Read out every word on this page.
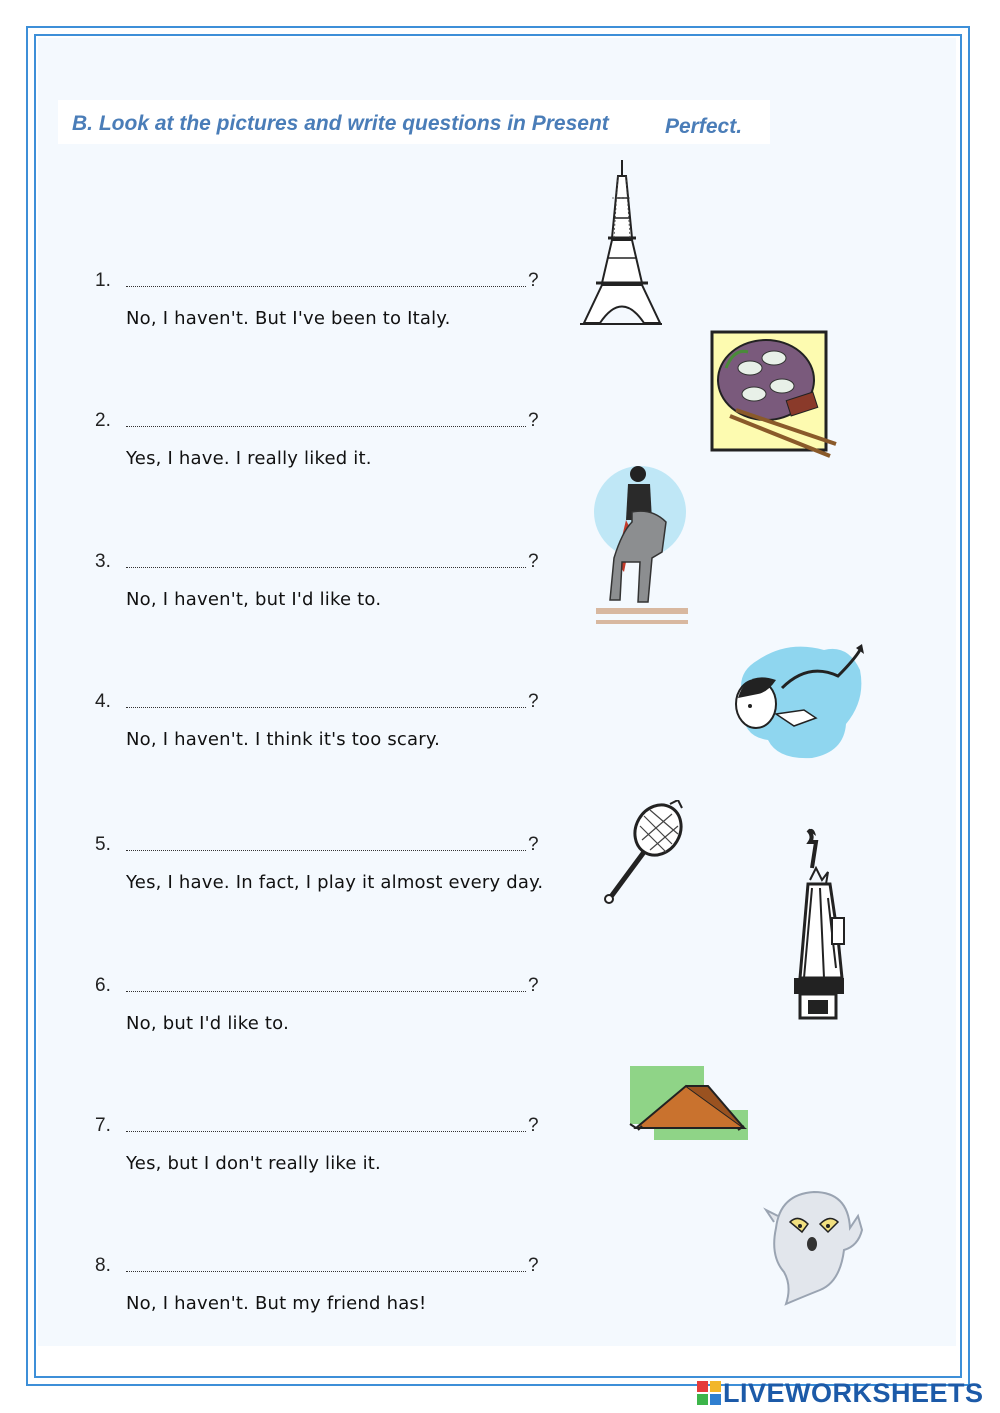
B. Look at the pictures and write questions in Present	Perfect.
1.	?
No, I haven't. But I've been to Italy.
2.	?
Yes, I have. I really liked it.
3.	?
No, I haven't, but I'd like to.
4.	?
No, I haven't. I think it's too scary.
5.	?
Yes, I have. In fact, I play it almost every day.
6.	?
No, but I'd like to.
7.	?
Yes, but I don't really like it.
8.	?
No, I haven't. But my friend has!
LIVEWORKSHEETS
